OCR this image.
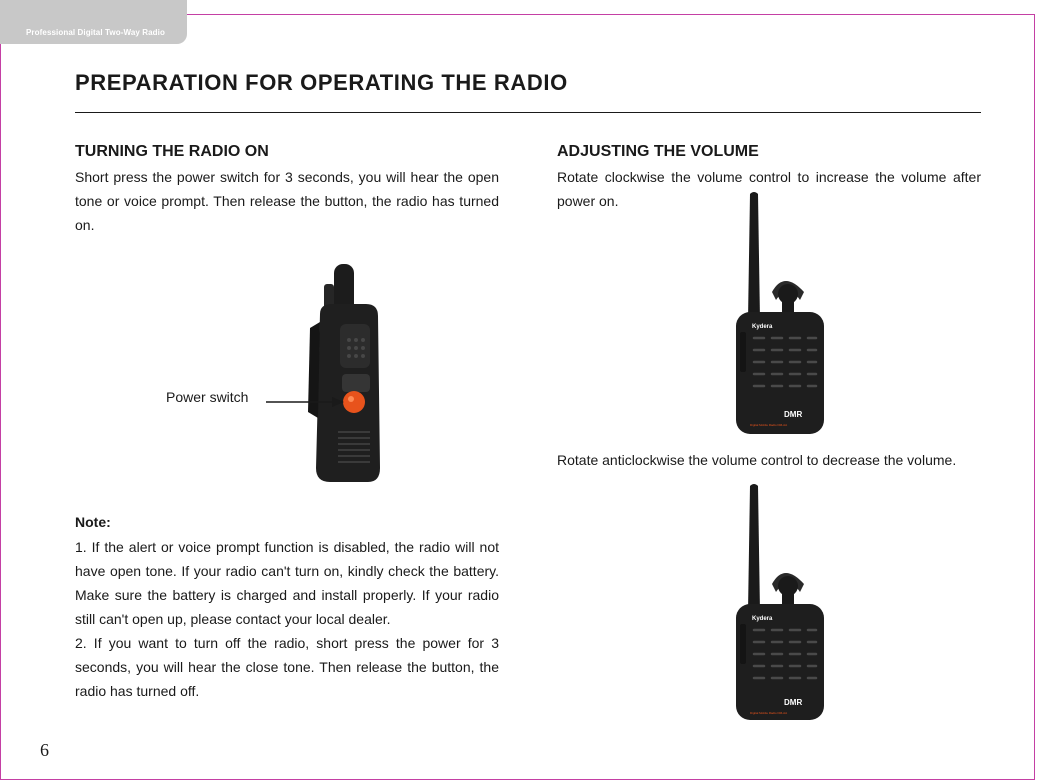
Professional Digital Two-Way Radio
PREPARATION FOR OPERATING THE RADIO
TURNING THE RADIO ON

Short press the power switch for 3 seconds, you will hear the open tone or voice prompt. Then release the button, the radio has turned on.

Power switch
Note:
1. If the alert or voice prompt function is disabled, the radio will not have open tone. If your radio can't turn on, kindly check the battery. Make sure the battery is charged and install properly. If your radio still can't open up, please contact your local dealer.
2. If you want to turn off the radio, short press the power for 3 seconds, you will hear the close tone. Then release the button, the radio has turned off.
ADJUSTING THE VOLUME

Rotate clockwise the volume control to increase the volume after power on.

Kydera
DMR
Digital Mobile Radio DM-AA

Rotate anticlockwise the volume control to decrease the volume.

Kydera
DMR
Digital Mobile Radio DM-AA
6
